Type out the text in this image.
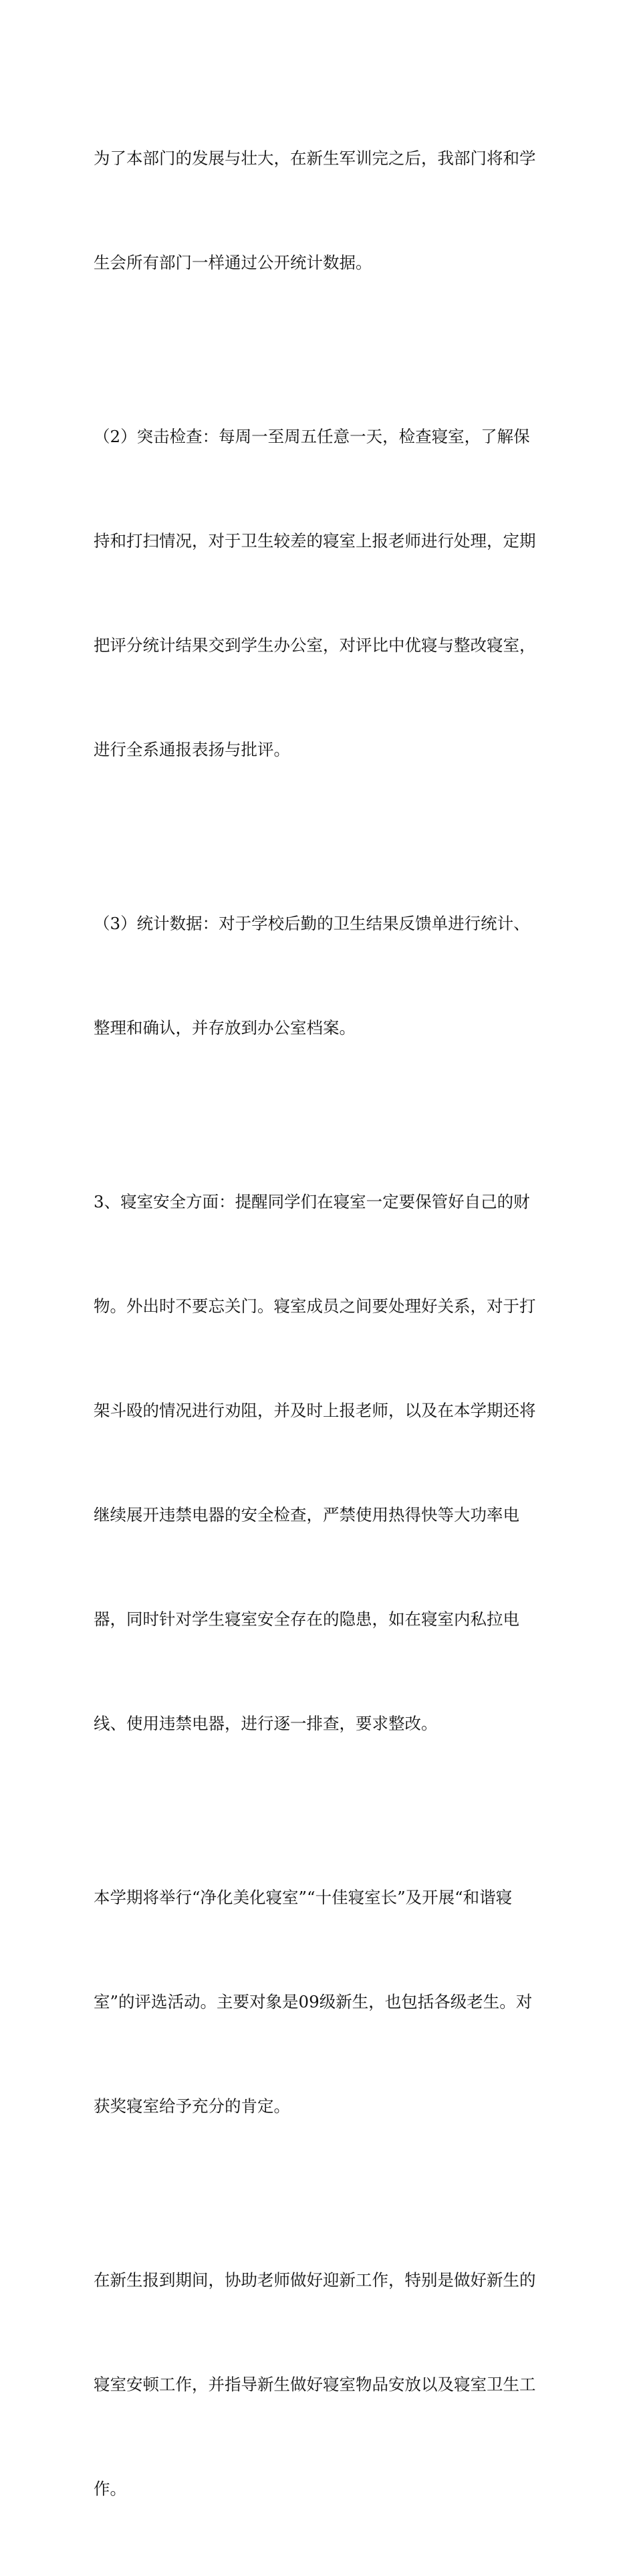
为了本部门的发展与壮大，在新生军训完之后，我部门将和学

生会所有部门一样通过公开统计数据。

（2）突击检查：每周一至周五任意一天，检查寝室，了解保

持和打扫情况，对于卫生较差的寝室上报老师进行处理，定期

把评分统计结果交到学生办公室，对评比中优寝与整改寝室，

进行全系通报表扬与批评。

（3）统计数据：对于学校后勤的卫生结果反馈单进行统计、

整理和确认，并存放到办公室档案。

3、寝室安全方面：提醒同学们在寝室一定要保管好自己的财

物。外出时不要忘关门。寝室成员之间要处理好关系，对于打

架斗殴的情况进行劝阻，并及时上报老师，以及在本学期还将

继续展开违禁电器的安全检查，严禁使用热得快等大功率电

器，同时针对学生寝室安全存在的隐患，如在寝室内私拉电

线、使用违禁电器，进行逐一排查，要求整改。

本学期将举行“净化美化寝室”“十佳寝室长”及开展“和谐寝

室”的评选活动。主要对象是09级新生，也包括各级老生。对

获奖寝室给予充分的肯定。

在新生报到期间，协助老师做好迎新工作，特别是做好新生的

寝室安顿工作，并指导新生做好寝室物品安放以及寝室卫生工

作。
